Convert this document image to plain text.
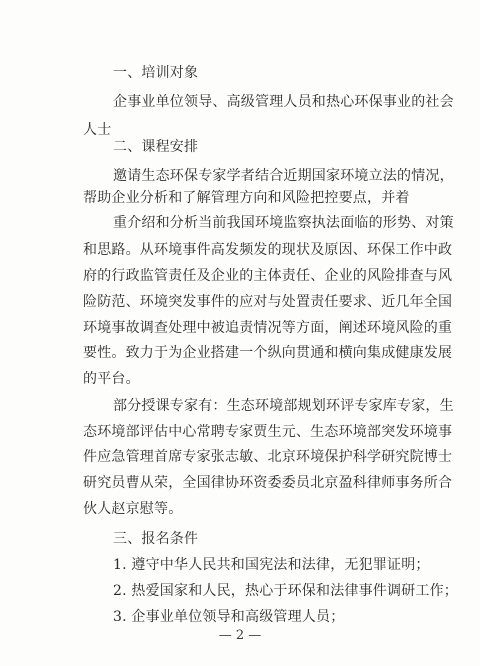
一、培训对象
企事业单位领导、高级管理人员和热心环保事业的社会
人士
二、课程安排
邀请生态环保专家学者结合近期国家环境立法的情况，
帮助企业分析和了解管理方向和风险把控要点，并着
重介绍和分析当前我国环境监察执法面临的形势、对策
和思路。从环境事件高发频发的现状及原因、环保工作中政
府的行政监管责任及企业的主体责任、企业的风险排查与风
险防范、环境突发事件的应对与处置责任要求、近几年全国
环境事故调查处理中被追责情况等方面，阐述环境风险的重
要性。致力于为企业搭建一个纵向贯通和横向集成健康发展
的平台。
部分授课专家有：生态环境部规划环评专家库专家，生
态环境部评估中心常聘专家贾生元、生态环境部突发环境事
件应急管理首席专家张志敏、北京环境保护科学研究院博士
研究员曹从荣，全国律协环资委委员北京盈科律师事务所合
伙人赵京慰等。
三、报名条件
1. 遵守中华人民共和国宪法和法律，无犯罪证明；
2. 热爱国家和人民，热心于环保和法律事件调研工作；
3. 企事业单位领导和高级管理人员；
— 2 —
